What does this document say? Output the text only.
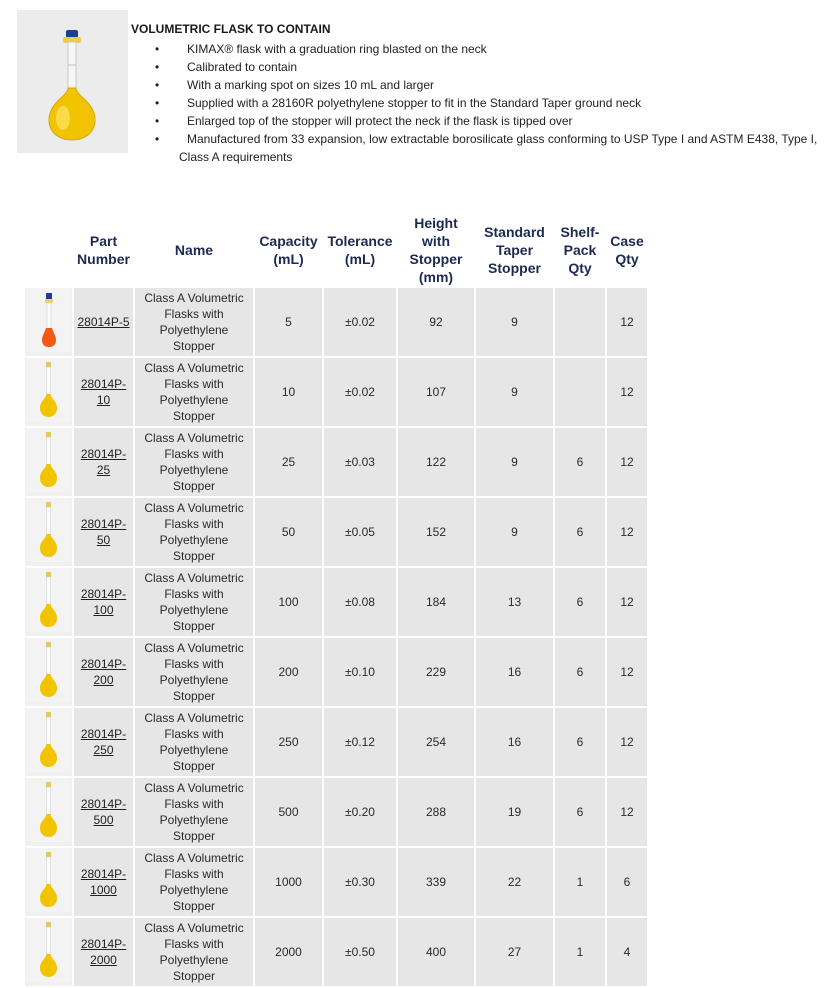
VOLUMETRIC FLASK TO CONTAIN
• KIMAX® flask with a graduation ring blasted on the neck
• Calibrated to contain
• With a marking spot on sizes 10 mL and larger
• Supplied with a 28160R polyethylene stopper to fit in the Standard Taper ground neck
• Enlarged top of the stopper will protect the neck if the flask is tipped over
• Manufactured from 33 expansion, low extractable borosilicate glass conforming to USP Type I and ASTM E438, Type I,
Class A requirements
	Part
Number	Name	Capacity
(mL)	Tolerance
(mL)	Height
with
Stopper
(mm)	Standard
Taper
Stopper	Shelf-
Pack
Qty	Case
Qty
	28014P-5	Class A Volumetric
Flasks with
Polyethylene
Stopper	5	±0.02	92	9		12
	28014P-
10	Class A Volumetric
Flasks with
Polyethylene
Stopper	10	±0.02	107	9		12
	28014P-
25	Class A Volumetric
Flasks with
Polyethylene
Stopper	25	±0.03	122	9	6	12
	28014P-
50	Class A Volumetric
Flasks with
Polyethylene
Stopper	50	±0.05	152	9	6	12
	28014P-
100	Class A Volumetric
Flasks with
Polyethylene
Stopper	100	±0.08	184	13	6	12
	28014P-
200	Class A Volumetric
Flasks with
Polyethylene
Stopper	200	±0.10	229	16	6	12
	28014P-
250	Class A Volumetric
Flasks with
Polyethylene
Stopper	250	±0.12	254	16	6	12
	28014P-
500	Class A Volumetric
Flasks with
Polyethylene
Stopper	500	±0.20	288	19	6	12
	28014P-
1000	Class A Volumetric
Flasks with
Polyethylene
Stopper	1000	±0.30	339	22	1	6
	28014P-
2000	Class A Volumetric
Flasks with
Polyethylene
Stopper	2000	±0.50	400	27	1	4
